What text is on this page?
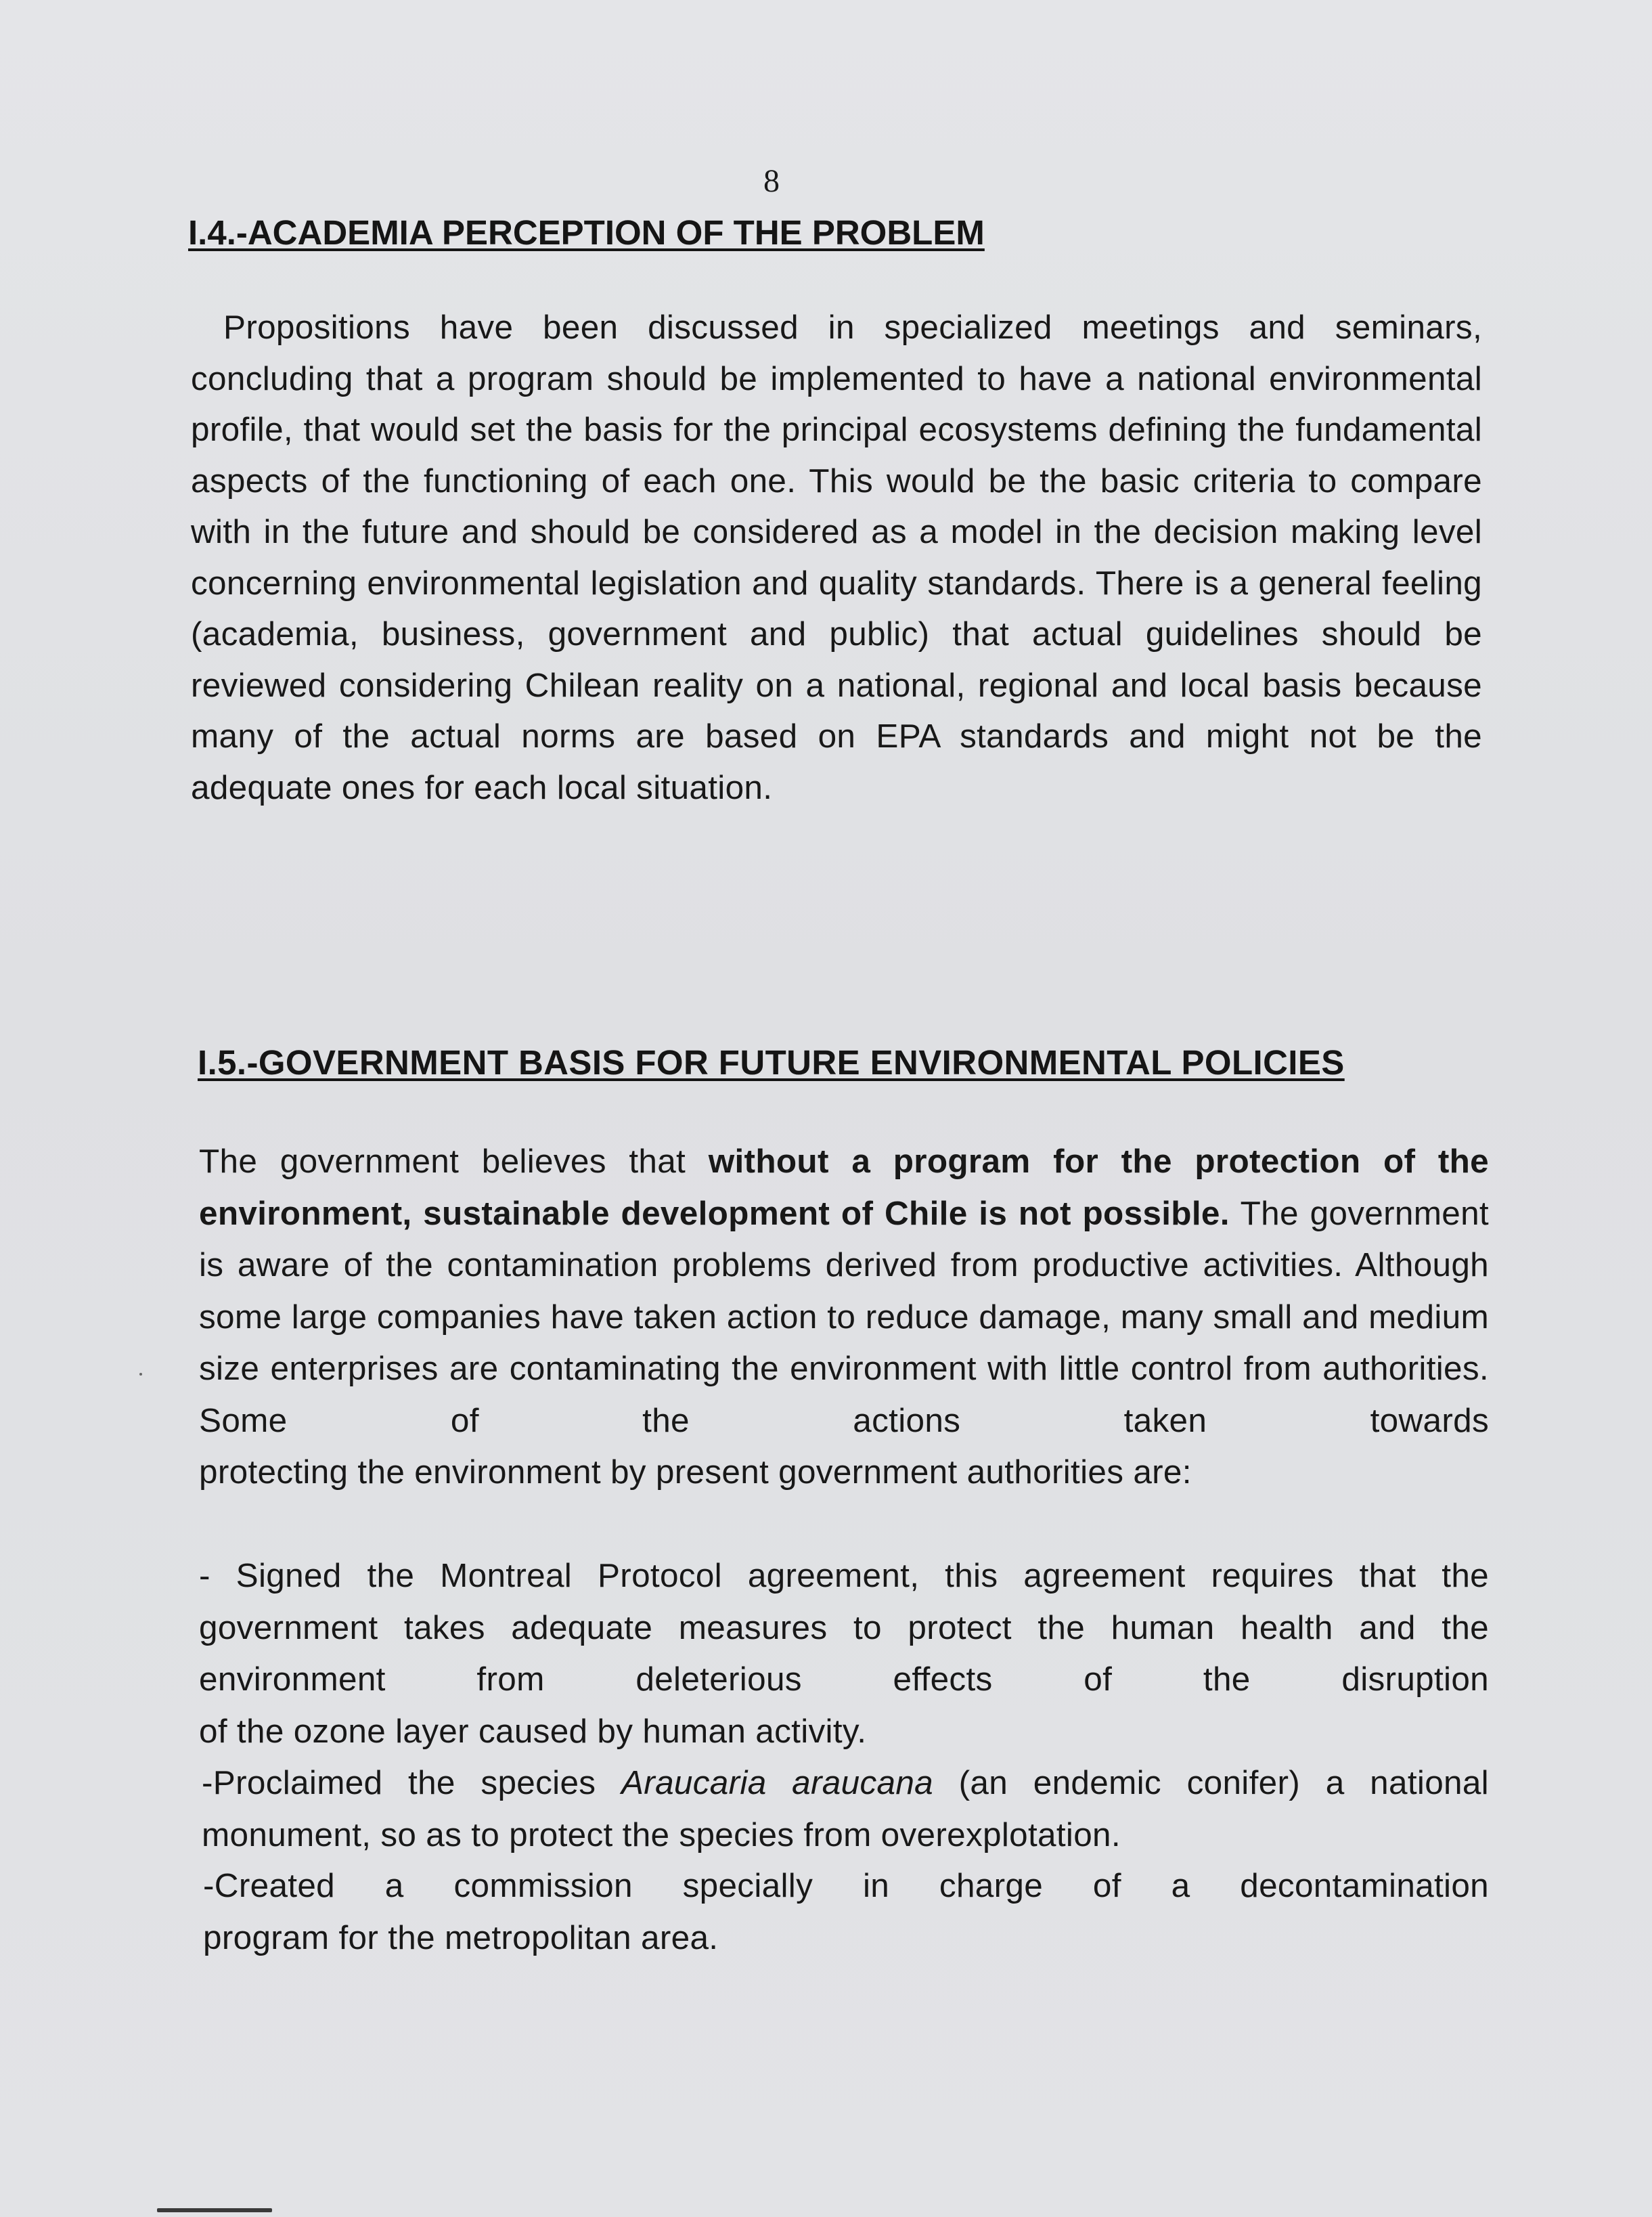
8
I.4.-ACADEMIA PERCEPTION OF THE PROBLEM
Propositions have been discussed in specialized meetings and seminars, concluding that a program should be implemented to have a national environmental profile, that would set the basis for the principal ecosystems defining the fundamental aspects of the functioning of each one. This would be the basic criteria to compare with in the future and should be considered as a model in the decision making level concerning environmental legislation and quality standards. There is a general feeling (academia, business, government and public) that actual guidelines should be reviewed considering Chilean reality on a national, regional and local basis because many of the actual norms are based on EPA standards and might not be the
adequate ones for each local situation.
I.5.-GOVERNMENT BASIS FOR FUTURE ENVIRONMENTAL POLICIES
The government believes that without a program for the protection of the environment, sustainable development of Chile is not possible. The government is aware of the contamination problems derived from productive activities. Although some large companies have taken action to reduce damage, many small and medium size enterprises are contaminating the environment with little control from authorities. Some of the actions taken towards
protecting the environment by present government authorities are:
- Signed the Montreal Protocol agreement, this agreement requires that the government takes adequate measures to protect the human health and the environment from deleterious effects of the disruption
of the ozone layer caused by human activity.
-Proclaimed the species Araucaria araucana (an endemic conifer) a national monument, so as to protect the species from overexplotation.
-Created a commission specially in charge of a decontamination
program for the metropolitan area.
